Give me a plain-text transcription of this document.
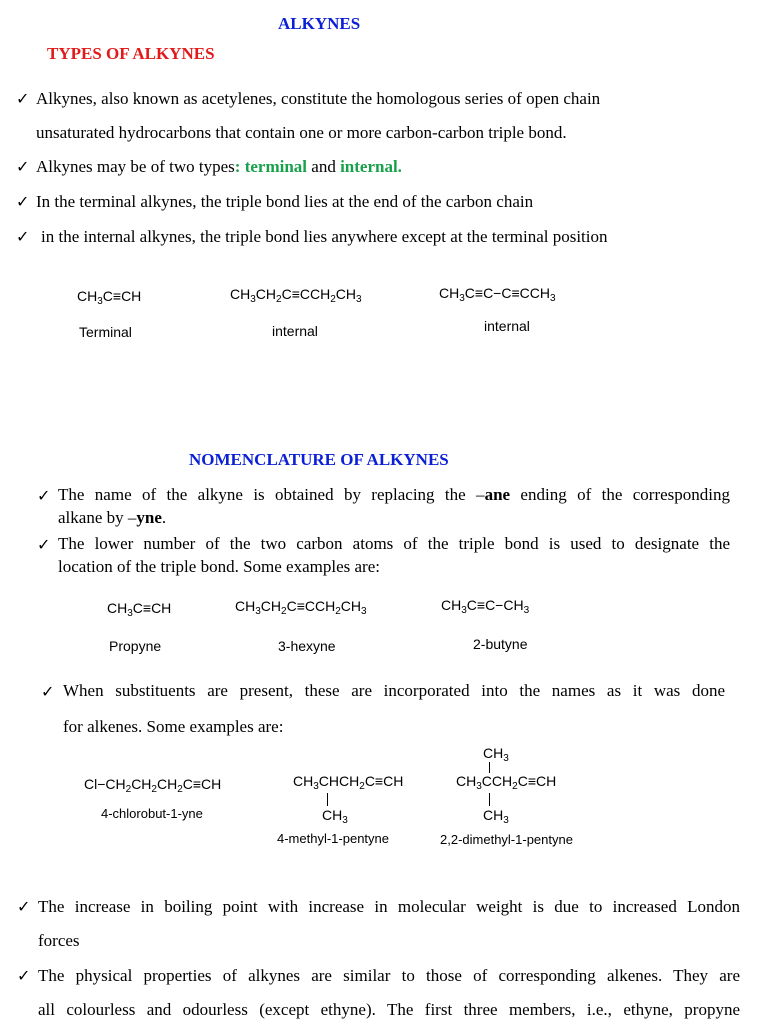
ALKYNES
TYPES OF ALKYNES
✓ Alkynes, also known as acetylenes, constitute the homologous series of open chain
unsaturated hydrocarbons that contain one or more carbon-carbon triple bond.
✓ Alkynes may be of two types: terminal and internal.
✓ In the terminal alkynes, the triple bond lies at the end of the carbon chain
✓ in the internal alkynes, the triple bond lies anywhere except at the terminal position
$CH_3C\equiv CH$
Terminal
$CH_3CH_2C\equiv CCH_2CH_3$
internal
$CH_3C\equiv C-C\equiv CCH_3$
internal
NOMENCLATURE OF ALKYNES
✓ The name of the alkyne is obtained by replacing the –ane ending of the corresponding
alkane by –yne.
✓ The lower number of the two carbon atoms of the triple bond is used to designate the
location of the triple bond. Some examples are:
$CH_3C\equiv CH$
Propyne
$CH_3CH_2C\equiv CCH_2CH_3$
3-hexyne
$CH_3C\equiv C-CH_3$
2-butyne
✓ When substituents are present, these are incorporated into the names as it was done
for alkenes. Some examples are:
$Cl-CH_2CH_2CH_2C\equiv CH$
4-chlorobut-1-yne
$CH_3CHCH_2C\equiv CH$
$CH_3$
4-methyl-1-pentyne
$CH_3$
$CH_3CCH_2C\equiv CH$
$CH_3$
2,2-dimethyl-1-pentyne
✓ The increase in boiling point with increase in molecular weight is due to increased London
forces
✓ The physical properties of alkynes are similar to those of corresponding alkenes. They are
all colourless and odourless (except ethyne). The first three members, i.e., ethyne, propyne
